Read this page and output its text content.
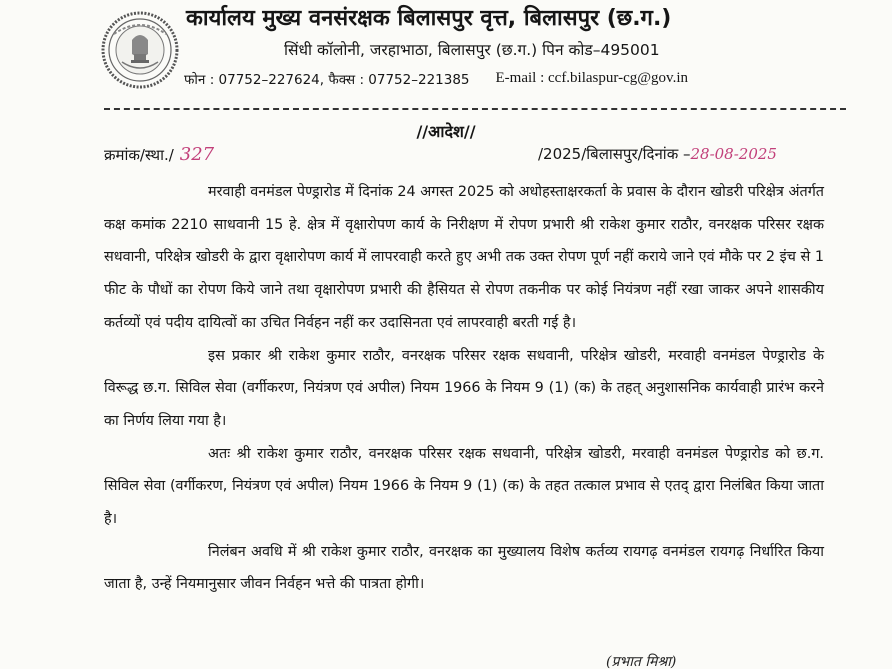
कार्यालय मुख्य वनसंरक्षक बिलासपुर वृत्त, बिलासपुर (छ.ग.)
सिंधी कॉलोनी, जरहाभाठा, बिलासपुर (छ.ग.) पिन कोड–495001
फोन : 07752–227624, फैक्स : 07752–221385 E-mail : ccf.bilaspur-cg@gov.in
//आदेश//
क्रमांक/स्था./ 327	/2025/बिलासपुर/दिनांक –28-08-2025

मरवाही वनमंडल पेण्ड्रारोड में दिनांक 24 अगस्त 2025 को अधोहस्ताक्षरकर्ता के प्रवास के दौरान खोडरी परिक्षेत्र अंतर्गत कक्ष कमांक 2210 साधवानी 15 हे. क्षेत्र में वृक्षारोपण कार्य के निरीक्षण में रोपण प्रभारी श्री राकेश कुमार राठौर, वनरक्षक परिसर रक्षक सधवानी, परिक्षेत्र खोडरी के द्वारा वृक्षारोपण कार्य में लापरवाही करते हुए अभी तक उक्त रोपण पूर्ण नहीं कराये जाने एवं मौके पर 2 इंच से 1 फीट के पौधों का रोपण किये जाने तथा वृक्षारोपण प्रभारी की हैसियत से रोपण तकनीक पर कोई नियंत्रण नहीं रखा जाकर अपने शासकीय कर्तव्यों एवं पदीय दायित्वों का उचित निर्वहन नहीं कर उदासिनता एवं लापरवाही बरती गई है।

इस प्रकार श्री राकेश कुमार राठौर, वनरक्षक परिसर रक्षक सधवानी, परिक्षेत्र खोडरी, मरवाही वनमंडल पेण्ड्रारोड के विरूद्ध छ.ग. सिविल सेवा (वर्गीकरण, नियंत्रण एवं अपील) नियम 1966 के नियम 9 (1) (क) के तहत् अनुशासनिक कार्यवाही प्रारंभ करने का निर्णय लिया गया है।

अतः श्री राकेश कुमार राठौर, वनरक्षक परिसर रक्षक सधवानी, परिक्षेत्र खोडरी, मरवाही वनमंडल पेण्ड्रारोड को छ.ग. सिविल सेवा (वर्गीकरण, नियंत्रण एवं अपील) नियम 1966 के नियम 9 (1) (क) के तहत तत्काल प्रभाव से एतद् द्वारा निलंबित किया जाता है।

निलंबन अवधि में श्री राकेश कुमार राठौर, वनरक्षक का मुख्यालय विशेष कर्तव्य रायगढ़ वनमंडल रायगढ़ निर्धारित किया जाता है, उन्हें नियमानुसार जीवन निर्वहन भत्ते की पात्रता होगी।

(प्रभात मिश्रा)
